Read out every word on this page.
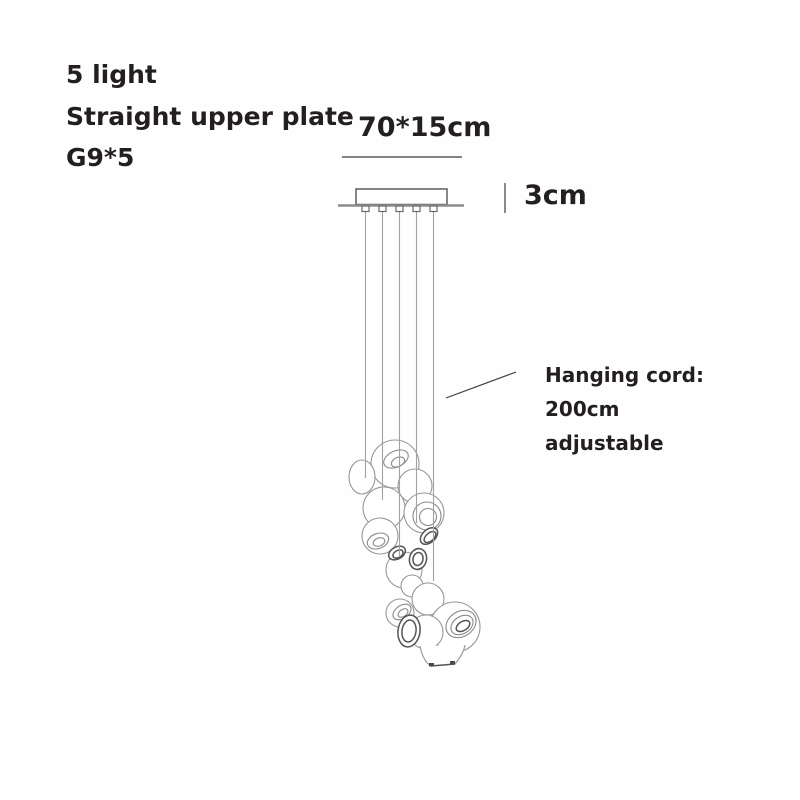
5 light
Straight upper plate
G9*5
70*15cm
3cm
Hanging cord:
200cm
adjustable
